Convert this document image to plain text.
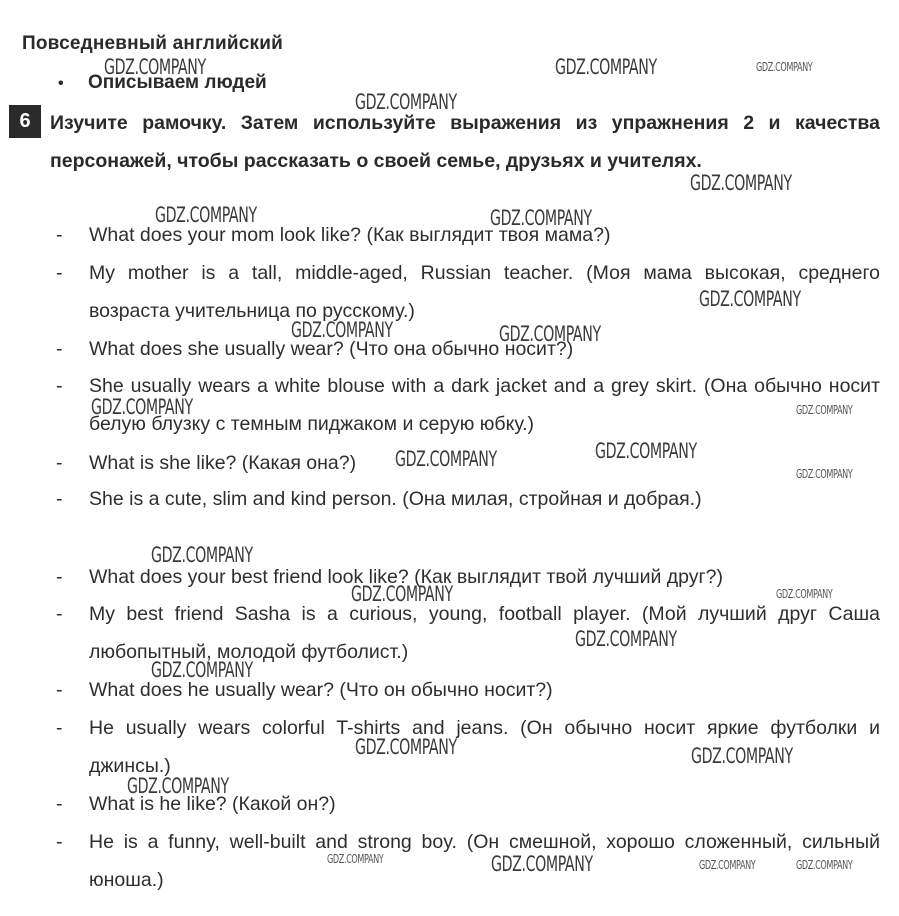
Повседневный английский
• Описываем людей
6 Изучите рамочку. Затем используйте выражения из упражнения 2 и качества персонажей, чтобы рассказать о своей семье, друзьях и учителях.
- What does your mom look like? (Как выглядит твоя мама?)
- My mother is a tall, middle-aged, Russian teacher. (Моя мама высокая, среднего возраста учительница по русскому.)
- What does she usually wear? (Что она обычно носит?)
- She usually wears a white blouse with a dark jacket and a grey skirt. (Она обычно носит белую блузку с темным пиджаком и серую юбку.)
- What is she like? (Какая она?)
- She is a cute, slim and kind person. (Она милая, стройная и добрая.)
- What does your best friend look like? (Как выглядит твой лучший друг?)
- My best friend Sasha is a curious, young, football player. (Мой лучший друг Саша любопытный, молодой футболист.)
- What does he usually wear? (Что он обычно носит?)
- He usually wears colorful T-shirts and jeans. (Он обычно носит яркие футболки и джинсы.)
- What is he like? (Какой он?)
- He is a funny, well-built and strong boy. (Он смешной, хорошо сложенный, сильный юноша.)
GDZ.COMPANY	GDZ.COMPANY	GDZ.COMPANY
GDZ.COMPANY
GDZ.COMPANY
GDZ.COMPANY	GDZ.COMPANY
GDZ.COMPANY
GDZ.COMPANY	GDZ.COMPANY
GDZ.COMPANY	GDZ.COMPANY
GDZ.COMPANY
GDZ.COMPANY
GDZ.COMPANY
GDZ.COMPANY
GDZ.COMPANY	GDZ.COMPANY
GDZ.COMPANY
GDZ.COMPANY
GDZ.COMPANY	GDZ.COMPANY
GDZ.COMPANY
GDZ.COMPANY	GDZ.COMPANY	GDZ.COMPANY	GDZ.COMPANY
